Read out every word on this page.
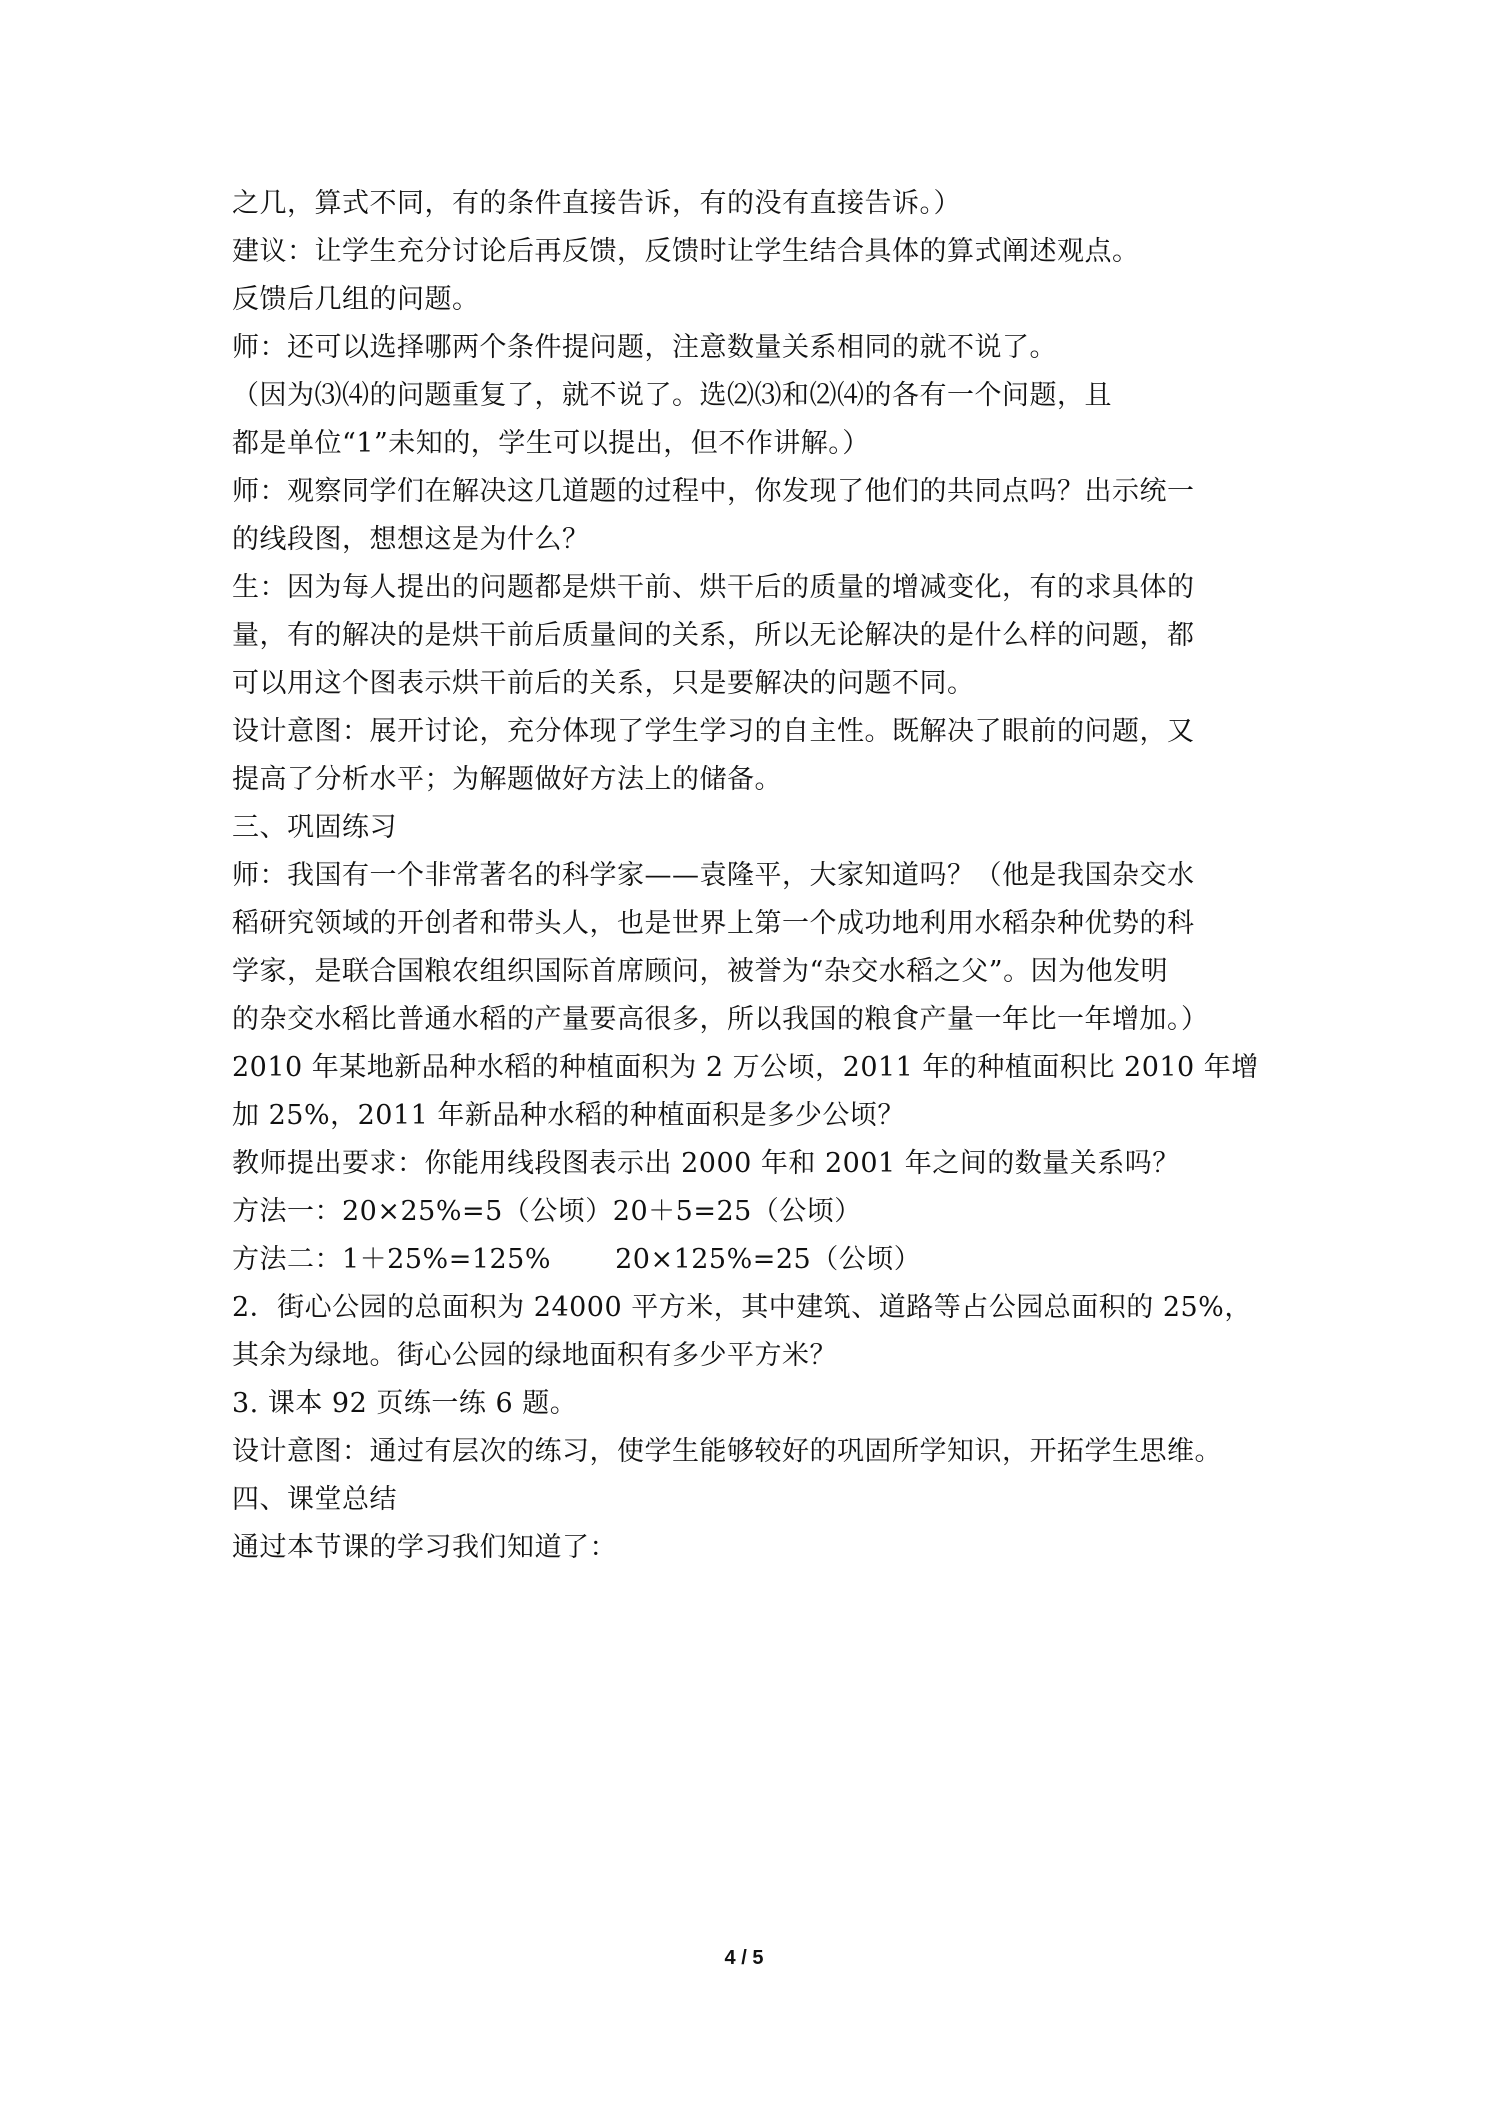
之几，算式不同，有的条件直接告诉，有的没有直接告诉。）
建议：让学生充分讨论后再反馈，反馈时让学生结合具体的算式阐述观点。
反馈后几组的问题。
师：还可以选择哪两个条件提问题，注意数量关系相同的就不说了。
（因为⑶⑷的问题重复了，就不说了。选⑵⑶和⑵⑷的各有一个问题，且
都是单位“1”未知的，学生可以提出，但不作讲解。）
师：观察同学们在解决这几道题的过程中，你发现了他们的共同点吗？出示统一
的线段图，想想这是为什么？
生：因为每人提出的问题都是烘干前、烘干后的质量的增减变化，有的求具体的
量，有的解决的是烘干前后质量间的关系，所以无论解决的是什么样的问题，都
可以用这个图表示烘干前后的关系，只是要解决的问题不同。
设计意图：展开讨论，充分体现了学生学习的自主性。既解决了眼前的问题，又
提高了分析水平；为解题做好方法上的储备。
三、巩固练习
师：我国有一个非常著名的科学家——袁隆平，大家知道吗？（他是我国杂交水
稻研究领域的开创者和带头人，也是世界上第一个成功地利用水稻杂种优势的科
学家，是联合国粮农组织国际首席顾问，被誉为“杂交水稻之父”。因为他发明
的杂交水稻比普通水稻的产量要高很多，所以我国的粮食产量一年比一年增加。）
2010 年某地新品种水稻的种植面积为 2 万公顷，2011 年的种植面积比 2010 年增
加 25%，2011 年新品种水稻的种植面积是多少公顷？
教师提出要求：你能用线段图表示出 2000 年和 2001 年之间的数量关系吗？
方法一：20×25%=5（公顷）20＋5=25（公顷）
方法二：1＋25%=125%　　 20×125%=25（公顷）
2．街心公园的总面积为 24000 平方米，其中建筑、道路等占公园总面积的 25%，
其余为绿地。街心公园的绿地面积有多少平方米？
3. 课本 92 页练一练 6 题。
设计意图：通过有层次的练习，使学生能够较好的巩固所学知识，开拓学生思维。
四、课堂总结
通过本节课的学习我们知道了：
4 / 5
